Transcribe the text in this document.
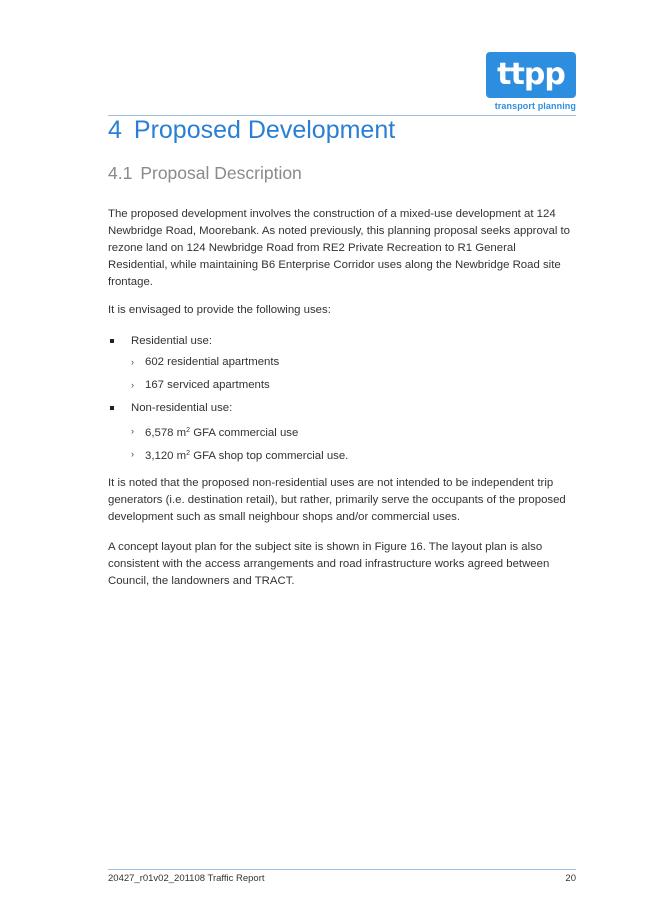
ttpp
transport planning
4 Proposed Development
4.1 Proposal Description

The proposed development involves the construction of a mixed-use development at 124 Newbridge Road, Moorebank. As noted previously, this planning proposal seeks approval to rezone land on 124 Newbridge Road from RE2 Private Recreation to R1 General Residential, while maintaining B6 Enterprise Corridor uses along the Newbridge Road site frontage.

It is envisaged to provide the following uses:

Residential use:
› 602 residential apartments
› 167 serviced apartments
Non-residential use:
› 6,578 $m^2$ GFA commercial use
› 3,120 $m^2$ GFA shop top commercial use.

It is noted that the proposed non-residential uses are not intended to be independent trip generators (i.e. destination retail), but rather, primarily serve the occupants of the proposed development such as small neighbour shops and/or commercial uses.

A concept layout plan for the subject site is shown in Figure 16. The layout plan is also consistent with the access arrangements and road infrastructure works agreed between Council, the landowners and TRACT.

20427_r01v02_201108 Traffic Report	20
